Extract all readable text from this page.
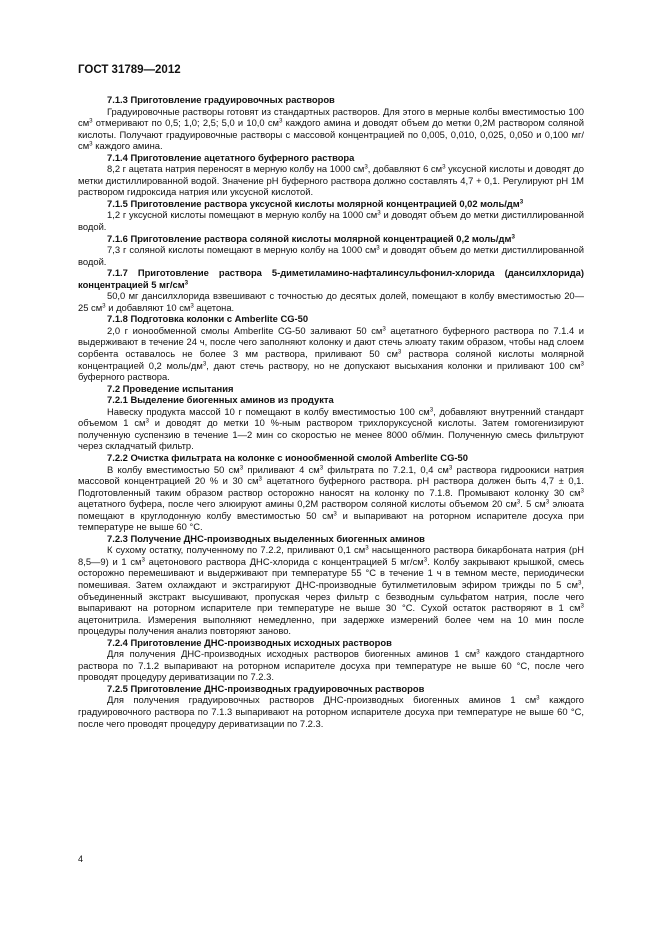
ГОСТ 31789—2012

7.1.3 Приготовление градуировочных растворов

Градуировочные растворы готовят из стандартных растворов. Для этого в мерные колбы вместимостью 100 $см^3$ отмеривают по 0,5; 1,0; 2,5; 5,0 и 10,0 $см^3$ каждого амина и доводят объем до метки 0,2М раствором соляной кислоты. Получают градуировочные растворы с массовой концентрацией по 0,005, 0,010, 0,025, 0,050 и 0,100 $мг/см^3$ каждого амина.

7.1.4 Приготовление ацетатного буферного раствора

8,2 г ацетата натрия переносят в мерную колбу на 1000 $см^3$, добавляют 6 $см^3$ уксусной кислоты и доводят до метки дистиллированной водой. Значение рН буферного раствора должно составлять 4,7 + 0,1. Регулируют рН 1М раствором гидроксида натрия или уксусной кислотой.

7.1.5 Приготовление раствора уксусной кислоты молярной концентрацией 0,02 моль/$дм^3$

1,2 г уксусной кислоты помещают в мерную колбу на 1000 $см^3$ и доводят объем до метки дистиллированной водой.

7.1.6 Приготовление раствора соляной кислоты молярной концентрацией 0,2 моль/$дм^3$

7,3 г соляной кислоты помещают в мерную колбу на 1000 $см^3$ и доводят объем до метки дистиллированной водой.

7.1.7 Приготовление раствора 5-диметиламино-нафталинсульфонил-хлорида (дансилхлорида) концентрацией 5 $мг/см^3$

50,0 мг дансилхлорида взвешивают с точностью до десятых долей, помещают в колбу вместимостью 20—25 $см^3$ и добавляют 10 $см^3$ ацетона.

7.1.8 Подготовка колонки с Amberlite CG-50

2,0 г ионообменной смолы Amberlite CG-50 заливают 50 $см^3$ ацетатного буферного раствора по 7.1.4 и выдерживают в течение 24 ч, после чего заполняют колонку и дают стечь элюату таким образом, чтобы над слоем сорбента оставалось не более 3 мм раствора, приливают 50 $см^3$ раствора соляной кислоты молярной концентрацией 0,2 моль/$дм^3$, дают стечь раствору, но не допускают высыхания колонки и приливают 100 $см^3$ буферного раствора.

7.2 Проведение испытания

7.2.1 Выделение биогенных аминов из продукта

Навеску продукта массой 10 г помещают в колбу вместимостью 100 $см^3$, добавляют внутренний стандарт объемом 1 $см^3$ и доводят до метки 10 %-ным раствором трихлоруксусной кислоты. Затем гомогенизируют полученную суспензию в течение 1—2 мин со скоростью не менее 8000 об/мин. Полученную смесь фильтруют через складчатый фильтр.

7.2.2 Очистка фильтрата на колонке с ионообменной смолой Amberlite CG-50

В колбу вместимостью 50 $см^3$ приливают 4 $см^3$ фильтрата по 7.2.1, 0,4 $см^3$ раствора гидроокиси натрия массовой концентрацией 20 % и 30 $см^3$ ацетатного буферного раствора. рН раствора должен быть 4,7 ± 0,1. Подготовленный таким образом раствор осторожно наносят на колонку по 7.1.8. Промывают колонку 30 $см^3$ ацетатного буфера, после чего элюируют амины 0,2М раствором соляной кислоты объемом 20 $см^3$. 5 $см^3$ элюата помещают в круглодонную колбу вместимостью 50 $см^3$ и выпаривают на роторном испарителе досуха при температуре не выше 60 °С.

7.2.3 Получение ДНС-производных выделенных биогенных аминов

К сухому остатку, полученному по 7.2.2, приливают 0,1 $см^3$ насыщенного раствора бикарбоната натрия (рН 8,5—9) и 1 $см^3$ ацетонового раствора ДНС-хлорида с концентрацией 5 $мг/см^3$. Колбу закрывают крышкой, смесь осторожно перемешивают и выдерживают при температуре 55 °С в течение 1 ч в темном месте, периодически помешивая. Затем охлаждают и экстрагируют ДНС-производные бутилметиловым эфиром трижды по 5 $см^3$, объединенный экстракт высушивают, пропуская через фильтр с безводным сульфатом натрия, после чего выпаривают на роторном испарителе при температуре не выше 30 °С. Сухой остаток растворяют в 1 $см^3$ ацетонитрила. Измерения выполняют немедленно, при задержке измерений более чем на 10 мин после процедуры получения анализ повторяют заново.

7.2.4 Приготовление ДНС-производных исходных растворов

Для получения ДНС-производных исходных растворов биогенных аминов 1 $см^3$ каждого стандартного раствора по 7.1.2 выпаривают на роторном испарителе досуха при температуре не выше 60 °С, после чего проводят процедуру дериватизации по 7.2.3.

7.2.5 Приготовление ДНС-производных градуировочных растворов

Для получения градуировочных растворов ДНС-производных биогенных аминов 1 $см^3$ каждого градуировочного раствора по 7.1.3 выпаривают на роторном испарителе досуха при температуре не выше 60 °С, после чего проводят процедуру дериватизации по 7.2.3.

4
